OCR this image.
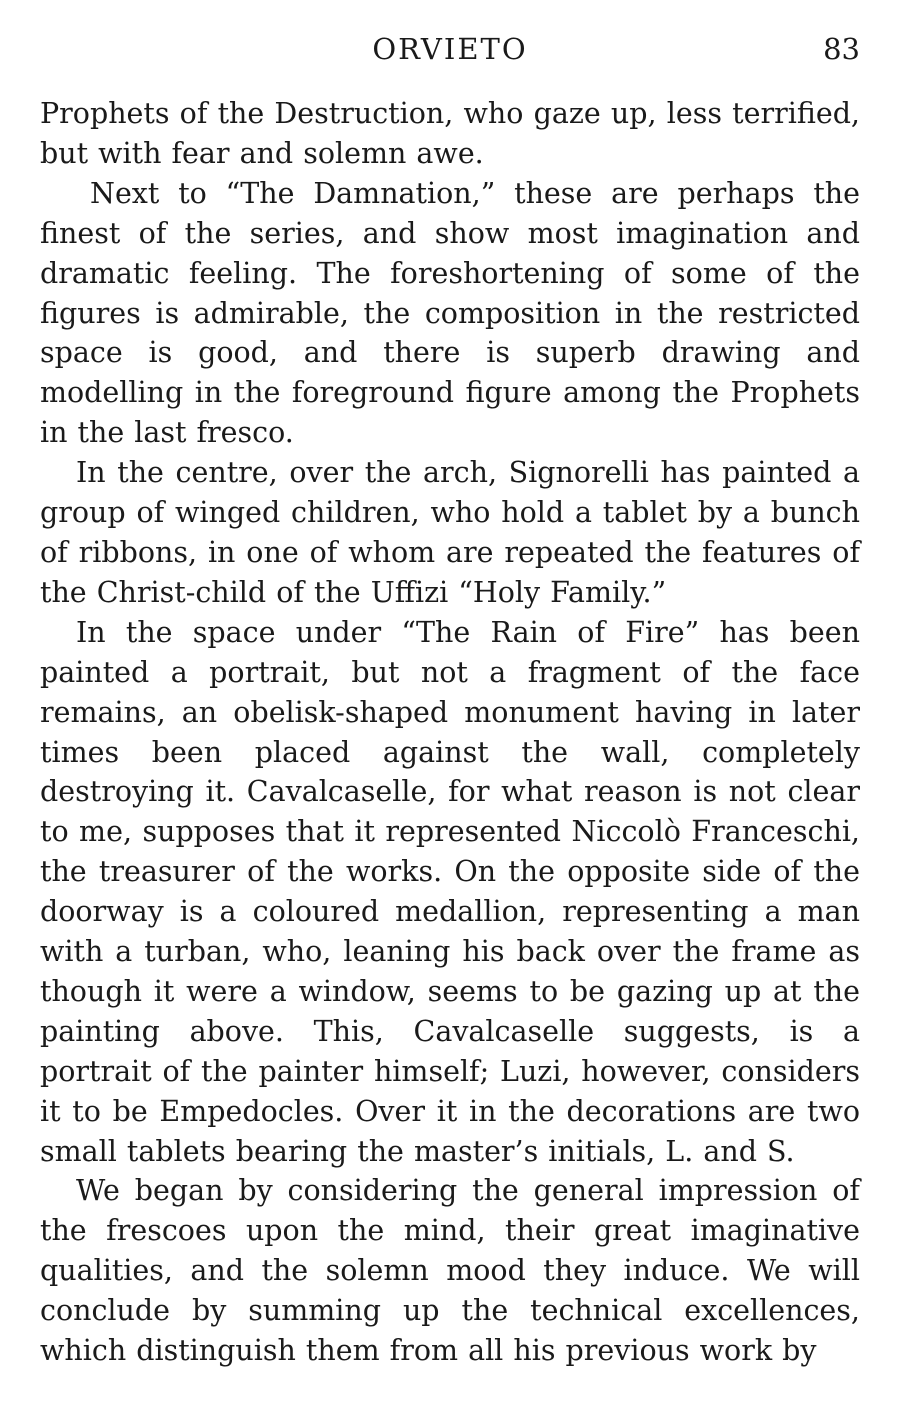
ORVIETO	83

Prophets of the Destruction, who gaze up, less terrified, but with fear and solemn awe.

Next to “The Damnation,” these are perhaps the finest of the series, and show most imagination and dramatic feeling. The foreshortening of some of the figures is admirable, the composition in the restricted space is good, and there is superb drawing and modelling in the foreground figure among the Prophets in the last fresco.

In the centre, over the arch, Signorelli has painted a group of winged children, who hold a tablet by a bunch of ribbons, in one of whom are repeated the features of the Christ-child of the Uffizi “Holy Family.”

In the space under “The Rain of Fire” has been painted a portrait, but not a fragment of the face remains, an obelisk-shaped monument having in later times been placed against the wall, completely destroying it. Cavalcaselle, for what reason is not clear to me, supposes that it represented Niccolò Franceschi, the treasurer of the works. On the opposite side of the doorway is a coloured medallion, representing a man with a turban, who, leaning his back over the frame as though it were a window, seems to be gazing up at the painting above. This, Cavalcaselle suggests, is a portrait of the painter himself; Luzi, however, considers it to be Empedocles. Over it in the decorations are two small tablets bearing the master’s initials, L. and S.

We began by considering the general impression of the frescoes upon the mind, their great imaginative qualities, and the solemn mood they induce. We will conclude by summing up the technical excellences, which distinguish them from all his previous work by
